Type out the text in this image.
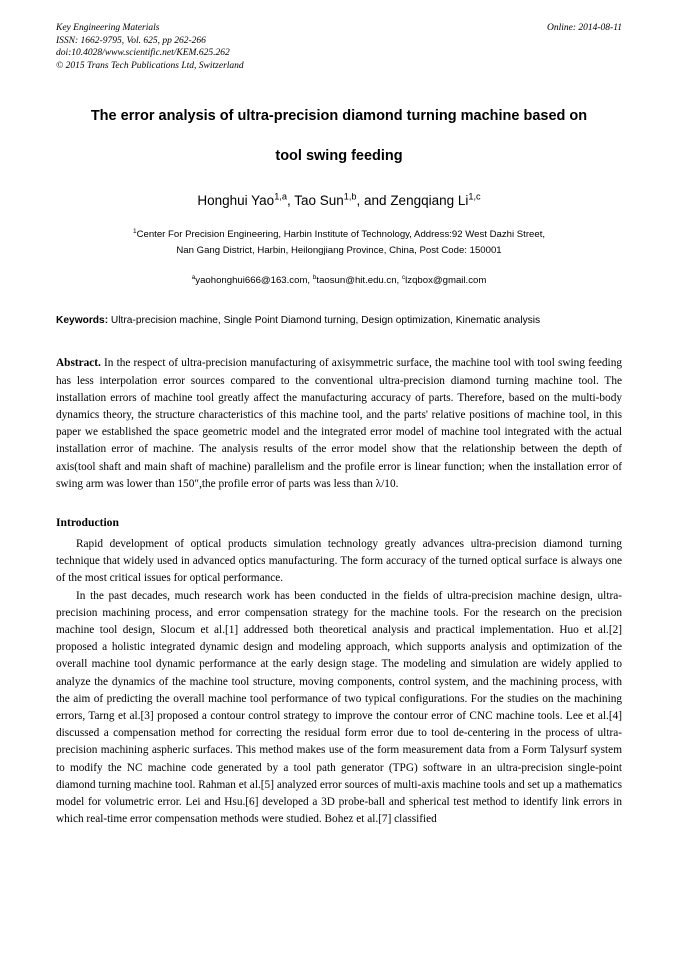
Key Engineering Materials
ISSN: 1662-9795, Vol. 625, pp 262-266
doi:10.4028/www.scientific.net/KEM.625.262
© 2015 Trans Tech Publications Ltd, Switzerland
Online: 2014-08-11
The error analysis of ultra-precision diamond turning machine based on
tool swing feeding
Honghui Yao$^{1,a}$, Tao Sun$^{1,b}$, and Zengqiang Li$^{1,c}$
$^1$Center For Precision Engineering, Harbin Institute of Technology, Address:92 West Dazhi Street,
Nan Gang District, Harbin, Heilongjiang Province, China, Post Code: 150001
$^a$yaohonghui666@163.com, $^b$taosun@hit.edu.cn, $^c$lzqbox@gmail.com
Keywords: Ultra-precision machine, Single Point Diamond turning, Design optimization, Kinematic analysis
Abstract. In the respect of ultra-precision manufacturing of axisymmetric surface, the machine tool with tool swing feeding has less interpolation error sources compared to the conventional ultra-precision diamond turning machine tool. The installation errors of machine tool greatly affect the manufacturing accuracy of parts. Therefore, based on the multi-body dynamics theory, the structure characteristics of this machine tool, and the parts' relative positions of machine tool, in this paper we established the space geometric model and the integrated error model of machine tool integrated with the actual installation error of machine. The analysis results of the error model show that the relationship between the depth of axis(tool shaft and main shaft of machine) parallelism and the profile error is linear function; when the installation error of swing arm was lower than 150″,the profile error of parts was less than λ/10.
Introduction

Rapid development of optical products simulation technology greatly advances ultra-precision diamond turning technique that widely used in advanced optics manufacturing. The form accuracy of the turned optical surface is always one of the most critical issues for optical performance.

In the past decades, much research work has been conducted in the fields of ultra-precision machine design, ultra-precision machining process, and error compensation strategy for the machine tools. For the research on the precision machine tool design, Slocum et al.[1] addressed both theoretical analysis and practical implementation. Huo et al.[2] proposed a holistic integrated dynamic design and modeling approach, which supports analysis and optimization of the overall machine tool dynamic performance at the early design stage. The modeling and simulation are widely applied to analyze the dynamics of the machine tool structure, moving components, control system, and the machining process, with the aim of predicting the overall machine tool performance of two typical configurations. For the studies on the machining errors, Tarng et al.[3] proposed a contour control strategy to improve the contour error of CNC machine tools. Lee et al.[4] discussed a compensation method for correcting the residual form error due to tool de-centering in the process of ultra-precision machining aspheric surfaces. This method makes use of the form measurement data from a Form Talysurf system to modify the NC machine code generated by a tool path generator (TPG) software in an ultra-precision single-point diamond turning machine tool. Rahman et al.[5] analyzed error sources of multi-axis machine tools and set up a mathematics model for volumetric error. Lei and Hsu.[6] developed a 3D probe-ball and spherical test method to identify link errors in which real-time error compensation methods were studied. Bohez et al.[7] classified
